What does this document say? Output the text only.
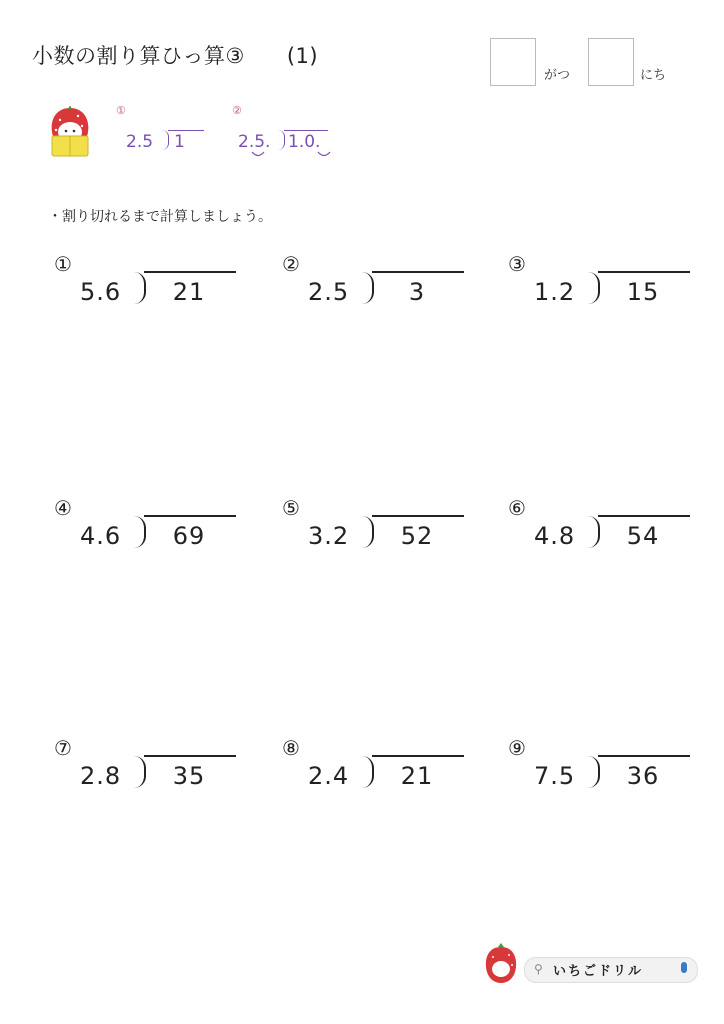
小数の割り算ひっ算③ (1)
がつ	にち
①
2.5 1
②
2.5. 1.0.
・割り切れるまで計算しましょう。
①
5.6	21
②
2.5	3
③
1.2	15
④
4.6	69
⑤
3.2	52
⑥
4.8	54
⑦
2.8	35
⑧
2.4	21
⑨
7.5	36
⚲ いちごドリル
